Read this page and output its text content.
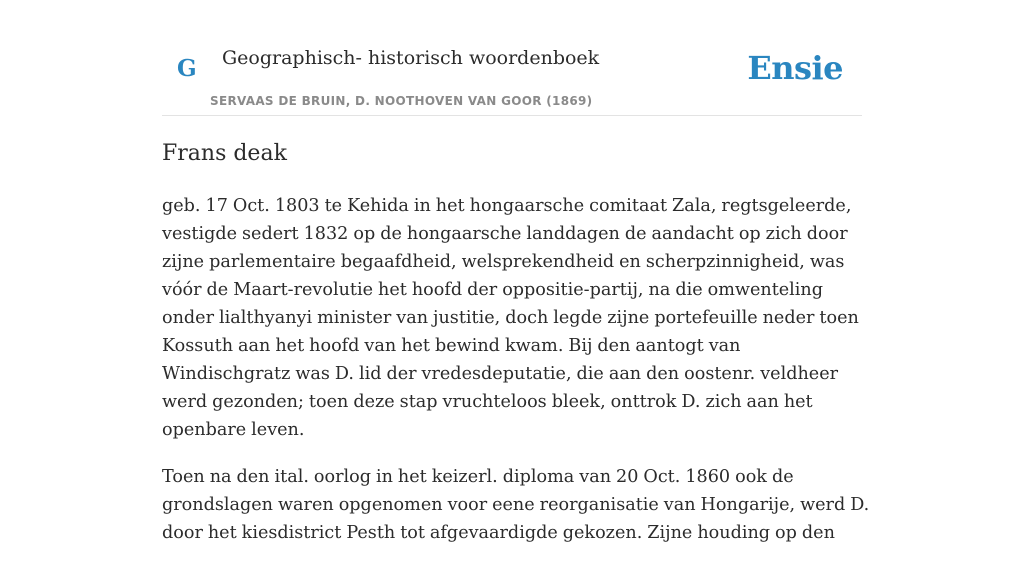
G Geographisch- historisch woordenboek
SERVAAS DE BRUIN, D. NOOTHOVEN VAN GOOR (1869)
Ensie
Frans deak

geb. 17 Oct. 1803 te Kehida in het hongaarsche comitaat Zala, regtsgeleerde, vestigde sedert 1832 op de hongaarsche landdagen de aandacht op zich door zijne parlementaire begaafdheid, welsprekendheid en scherpzinnigheid, was vóór de Maart-revolutie het hoofd der oppositie-partij, na die omwenteling onder lialthyanyi minister van justitie, doch legde zijne portefeuille neder toen Kossuth aan het hoofd van het bewind kwam. Bij den aantogt van Windischgratz was D. lid der vredesdeputatie, die aan den oostenr. veldheer werd gezonden; toen deze stap vruchteloos bleek, onttrok D. zich aan het openbare leven.

Toen na den ital. oorlog in het keizerl. diploma van 20 Oct. 1860 ook de grondslagen waren opgenomen voor eene reorganisatie van Hongarije, werd D. door het kiesdistrict Pesth tot afgevaardigde gekozen. Zijne houding op den
